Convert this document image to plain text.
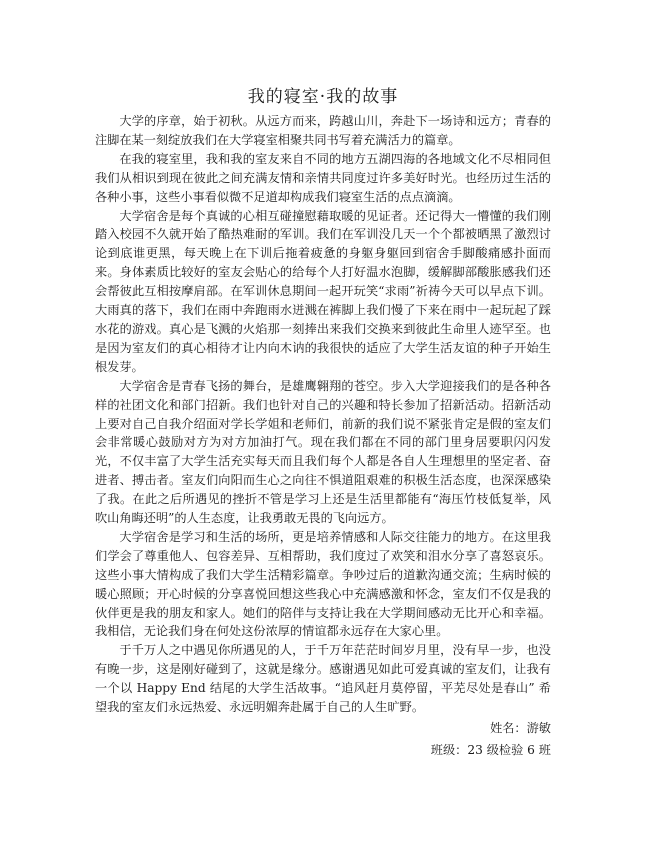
我的寝室·我的故事

大学的序章，始于初秋。从远方而来，跨越山川，奔赴下一场诗和远方；青春的注脚在某一刻绽放我们在大学寝室相聚共同书写着充满活力的篇章。

在我的寝室里，我和我的室友来自不同的地方五湖四海的各地域文化不尽相同但我们从相识到现在彼此之间充满友情和亲情共同度过许多美好时光。也经历过生活的各种小事，这些小事看似微不足道却构成我们寝室生活的点点滴滴。

大学宿舍是每个真诚的心相互碰撞慰藉取暖的见证者。还记得大一懵懂的我们刚踏入校园不久就开始了酷热难耐的军训。我们在军训没几天一个个都被晒黑了激烈讨论到底谁更黑，每天晚上在下训后拖着疲惫的身躯身躯回到宿舍手脚酸痛感扑面而来。身体素质比较好的室友会贴心的给每个人打好温水泡脚，缓解脚部酸胀感我们还会帮彼此互相按摩肩部。在军训休息期间一起开玩笑“求雨”祈祷今天可以早点下训。大雨真的落下，我们在雨中奔跑雨水迸溅在裤脚上我们慢了下来在雨中一起玩起了踩水花的游戏。真心是飞溅的火焰那一刻捧出来我们交换来到彼此生命里人迹罕至。也是因为室友们的真心相待才让内向木讷的我很快的适应了大学生活友谊的种子开始生根发芽。

大学宿舍是青春飞扬的舞台，是雄鹰翱翔的苍空。步入大学迎接我们的是各种各样的社团文化和部门招新。我们也针对自己的兴趣和特长参加了招新活动。招新活动上要对自己自我介绍面对学长学姐和老师们，前新的我们说不紧张肯定是假的室友们会非常暖心鼓励对方为对方加油打气。现在我们都在不同的部门里身居要职闪闪发光，不仅丰富了大学生活充实每天而且我们每个人都是各自人生理想里的坚定者、奋进者、搏击者。室友们向阳而生心之向往不惧道阻艰难的积极生活态度，也深深感染了我。在此之后所遇见的挫折不管是学习上还是生活里都能有“海压竹枝低复举，风吹山角晦还明”的人生态度，让我勇敢无畏的飞向远方。

大学宿舍是学习和生活的场所，更是培养情感和人际交往能力的地方。在这里我们学会了尊重他人、包容差异、互相帮助，我们度过了欢笑和泪水分享了喜怒哀乐。这些小事大情构成了我们大学生活精彩篇章。争吵过后的道歉沟通交流；生病时候的暖心照顾；开心时候的分享喜悦回想这些我心中充满感激和怀念，室友们不仅是我的伙伴更是我的朋友和家人。她们的陪伴与支持让我在大学期间感动无比开心和幸福。我相信，无论我们身在何处这份浓厚的情谊都永远存在大家心里。

于千万人之中遇见你所遇见的人，于千万年茫茫时间岁月里，没有早一步，也没有晚一步，这是刚好碰到了，这就是缘分。感谢遇见如此可爱真诚的室友们，让我有一个以 Happy End 结尾的大学生活故事。“追风赶月莫停留，平芜尽处是春山” 希望我的室友们永远热爱、永远明媚奔赴属于自己的人生旷野。

姓名：游敏

班级：23 级检验 6 班
